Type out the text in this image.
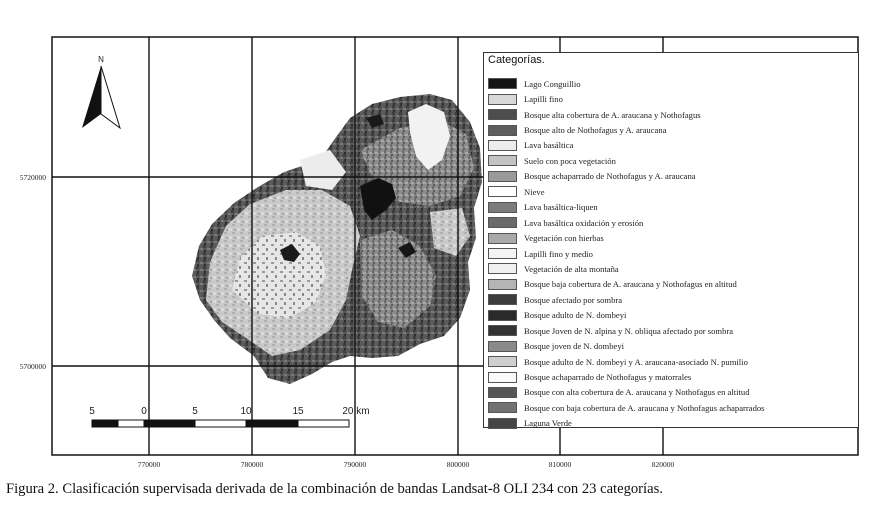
N
5720000
5700000
770000	780000	790000	800000	810000	820000
5	0	5	10	15	20 km
Categorías.
Lago Conguillio
Lapilli fino
Bosque alta cobertura de A. araucana y Nothofagus
Bosque alto de Nothofagus y A. araucana
Lava basáltica
Suelo con poca vegetación
Bosque achaparrado de Nothofagus y A. araucana
Nieve
Lava basáltica-liquen
Lava basáltica oxidación y erosión
Vegetación con hierbas
Lapilli fino y medio
Vegetación de alta montaña
Bosque baja cobertura de A. araucana y Nothofagus en altitud
Bosque afectado por sombra
Bosque adulto de N. dombeyi
Bosque Joven de N. alpina y N. obliqua afectado por sombra
Bosque joven de N. dombeyi
Bosque adulto de N. dombeyi y A. araucana-asociado N. pumilio
Bosque achaparrado de Nothofagus y matorrales
Bosque con alta cobertura de A. araucana y Nothofagus en altitud
Bosque con baja cobertura de A. araucana y Nothofagus achaparrados
Laguna Verde
Figura 2. Clasificación supervisada derivada de la combinación de bandas Landsat-8 OLI 234 con 23 categorías.
